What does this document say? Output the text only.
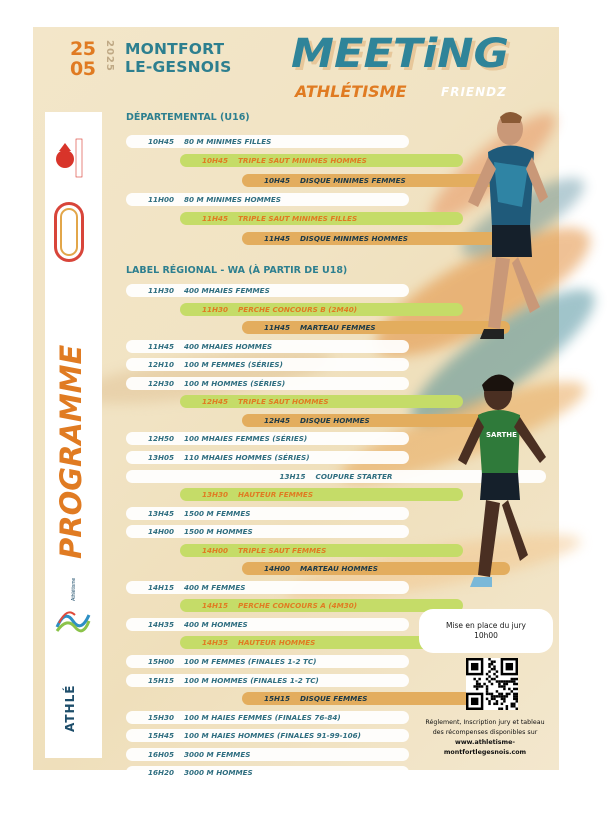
25
05 2025 MONTFORT
LE-GESNOIS MEETiNG
ATHLÉTISME	FRIENDZ
PROGRAMME
Athlétisme
ATHLÉ
DÉPARTEMENTAL (U16)
LABEL RÉGIONAL - WA (À PARTIR DE U18)
10H45 80 M MINIMES FILLES
10H45 TRIPLE SAUT MINIMES HOMMES
10H45 DISQUE MINIMES FEMMES
11H00 80 M MINIMES HOMMES
11H45 TRIPLE SAUT MINIMES FILLES
11H45 DISQUE MINIMES HOMMES
11H30 400 MHAIES FEMMES
11H30 PERCHE CONCOURS B (2M40)
11H45 MARTEAU FEMMES
11H45 400 MHAIES HOMMES
12H10 100 M FEMMES (SÉRIES)
12H30 100 M HOMMES (SÉRIES)
12H45 TRIPLE SAUT HOMMES
12H45 DISQUE HOMMES
12H50 100 MHAIES FEMMES (SÉRIES)
13H05 110 MHAIES HOMMES (SÉRIES)
13H15 COUPURE STARTER
13H30 HAUTEUR FEMMES
13H45 1500 M FEMMES
14H00 1500 M HOMMES
14H00 TRIPLE SAUT FEMMES
14H00 MARTEAU HOMMES
14H15 400 M FEMMES
14H15 PERCHE CONCOURS A (4M30)
14H35 400 M HOMMES
14H35 HAUTEUR HOMMES
15H00 100 M FEMMES (FINALES 1-2 TC)
15H15 100 M HOMMES (FINALES 1-2 TC)
15H15 DISQUE FEMMES
15H30 100 M HAIES FEMMES (FINALES 76-84)
15H45 100 M HAIES HOMMES (FINALES 91-99-106)
16H05 3000 M FEMMES
16H20 3000 M HOMMES
SARTHE
Mise en place du jury
10h00
Réglement, Inscription jury et tableau
des récompenses disponibles sur
www.athletisme-montfortlegesnois.com
